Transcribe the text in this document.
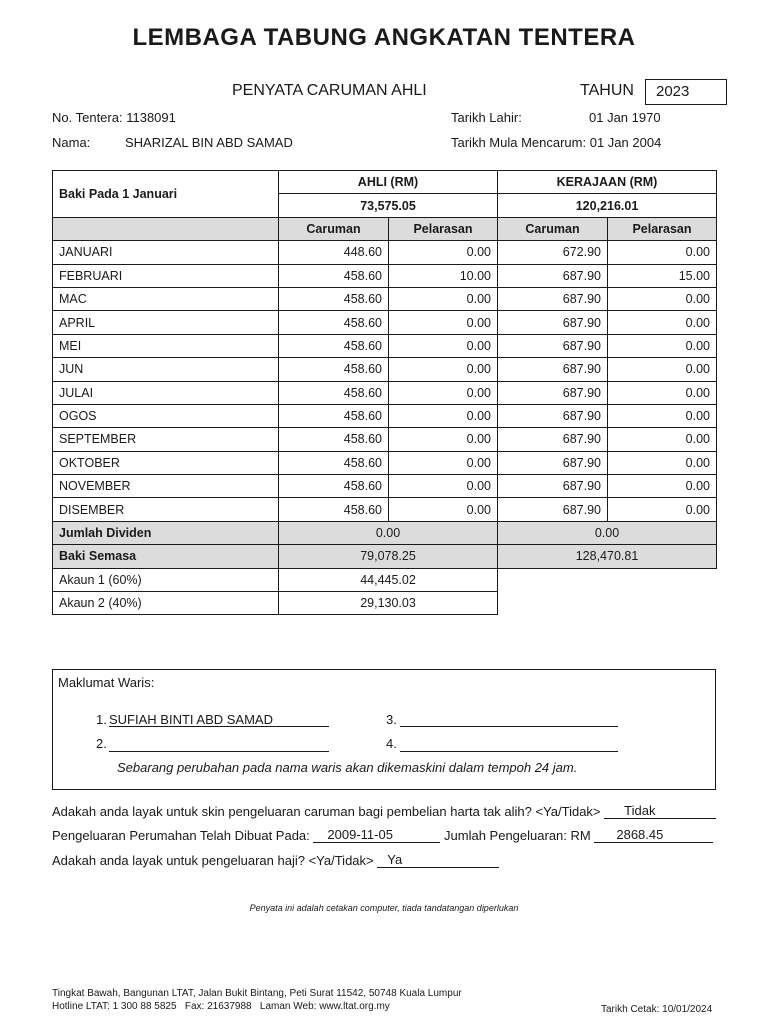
LEMBAGA TABUNG ANGKATAN TENTERA
PENYATA CARUMAN AHLI	TAHUN	2023
No. Tentera: 1138091
Nama:	SHARIZAL BIN ABD SAMAD
Tarikh Lahir:	01 Jan 1970
Tarikh Mula Mencarum: 01 Jan 2004
Baki Pada 1 Januari	AHLI (RM)		KERAJAAN (RM)	
	73,575.05		120,216.01	
	Caruman	Pelarasan	Caruman	Pelarasan
JANUARI	448.60	0.00	672.90	0.00
FEBRUARI	458.60	10.00	687.90	15.00
MAC	458.60	0.00	687.90	0.00
APRIL	458.60	0.00	687.90	0.00
MEI	458.60	0.00	687.90	0.00
JUN	458.60	0.00	687.90	0.00
JULAI	458.60	0.00	687.90	0.00
OGOS	458.60	0.00	687.90	0.00
SEPTEMBER	458.60	0.00	687.90	0.00
OKTOBER	458.60	0.00	687.90	0.00
NOVEMBER	458.60	0.00	687.90	0.00
DISEMBER	458.60	0.00	687.90	0.00
Jumlah Dividen	0.00		0.00	
Baki Semasa	79,078.25		128,470.81	
Akaun 1 (60%)	44,445.02			
Akaun 2 (40%)	29,130.03			
Maklumat Waris:
1. SUFIAH BINTI ABD SAMAD
2.
3.
4.
Sebarang perubahan pada nama waris akan dikemaskini dalam tempoh 24 jam.
Adakah anda layak untuk skin pengeluaran caruman bagi pembelian harta tak alih? <Ya/Tidak> Tidak
Pengeluaran Perumahan Telah Dibuat Pada: 2009-11-05	Jumlah Pengeluaran: RM 2868.45
Adakah anda layak untuk pengeluaran haji? <Ya/Tidak> Ya
Penyata ini adalah cetakan computer, tiada tandatangan diperlukan
Tingkat Bawah, Bangunan LTAT, Jalan Bukit Bintang, Peti Surat 11542, 50748 Kuala Lumpur
Hotline LTAT: 1 300 88 5825   Fax: 21637988   Laman Web: www.ltat.org.my	Tarikh Cetak: 10/01/2024
